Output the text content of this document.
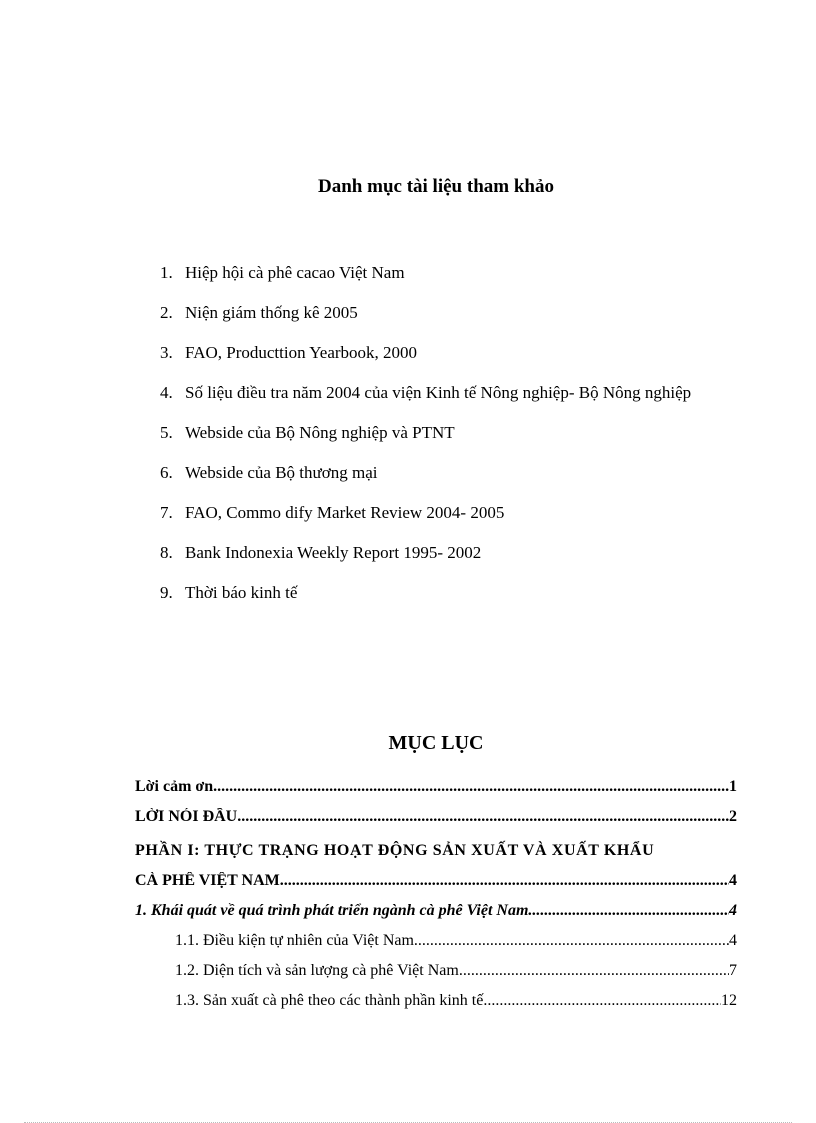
Danh mục tài liệu tham khảo
1. Hiệp hội cà phê cacao Việt Nam
2. Niện giám thống kê 2005
3. FAO, Producttion Yearbook, 2000
4. Số liệu điều tra năm 2004 của viện Kinh tế Nông nghiệp- Bộ Nông nghiệp
5. Webside của Bộ Nông nghiệp và PTNT
6. Webside của Bộ thương mại
7. FAO, Commo dify Market Review 2004- 2005
8. Bank Indonexia Weekly Report 1995- 2002
9. Thời báo kinh tế
MỤC LỤC
Lời cảm ơn .....	1
LỜI NÓI ĐẦU .....	2
PHẦN I: THỰC TRẠNG HOẠT ĐỘNG SẢN XUẤT VÀ XUẤT KHẨU
CÀ PHÊ VIỆT NAM .....	4
1. Khái quát về quá trình phát triển ngành cà phê Việt Nam .....	4
1.1. Điều kiện tự nhiên của Việt Nam .....	4
1.2. Diện tích và sản lượng cà phê Việt Nam .....	7
1.3. Sản xuất cà phê theo các thành phần kinh tế .....	12
